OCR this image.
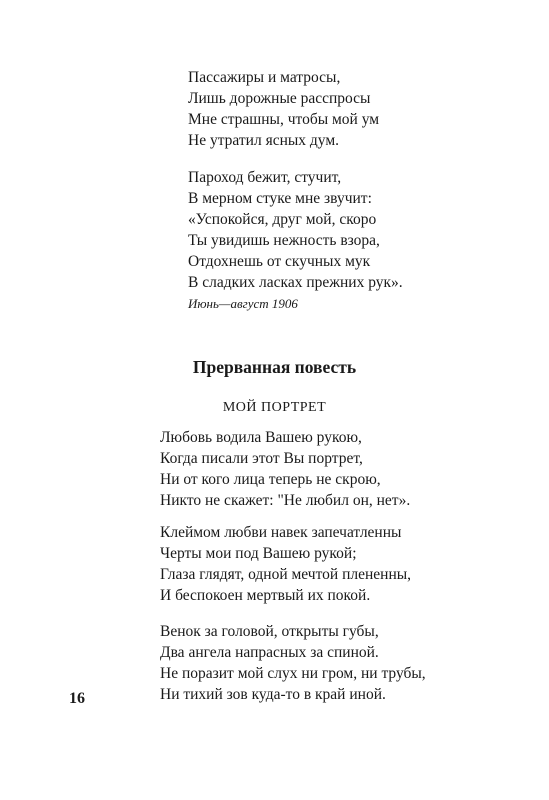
Пассажиры и матросы,
Лишь дорожные расспросы
Мне страшны, чтобы мой ум
Не утратил ясных дум.
Пароход бежит, стучит,
В мерном стуке мне звучит:
«Успокойся, друг мой, скоро
Ты увидишь нежность взора,
Отдохнешь от скучных мук
В сладких ласках прежних рук».
Июнь—август 1906
Прерванная повесть
МОЙ ПОРТРЕТ
Любовь водила Вашею рукою,
Когда писали этот Вы портрет,
Ни от кого лица теперь не скрою,
Никто не скажет: "Не любил он, нет».
Клеймом любви навек запечатленны
Черты мои под Вашею рукой;
Глаза глядят, одной мечтой плененны,
И беспокоен мертвый их покой.
Венок за головой, открыты губы,
Два ангела напрасных за спиной.
Не поразит мой слух ни гром, ни трубы,
Ни тихий зов куда-то в край иной.
16
